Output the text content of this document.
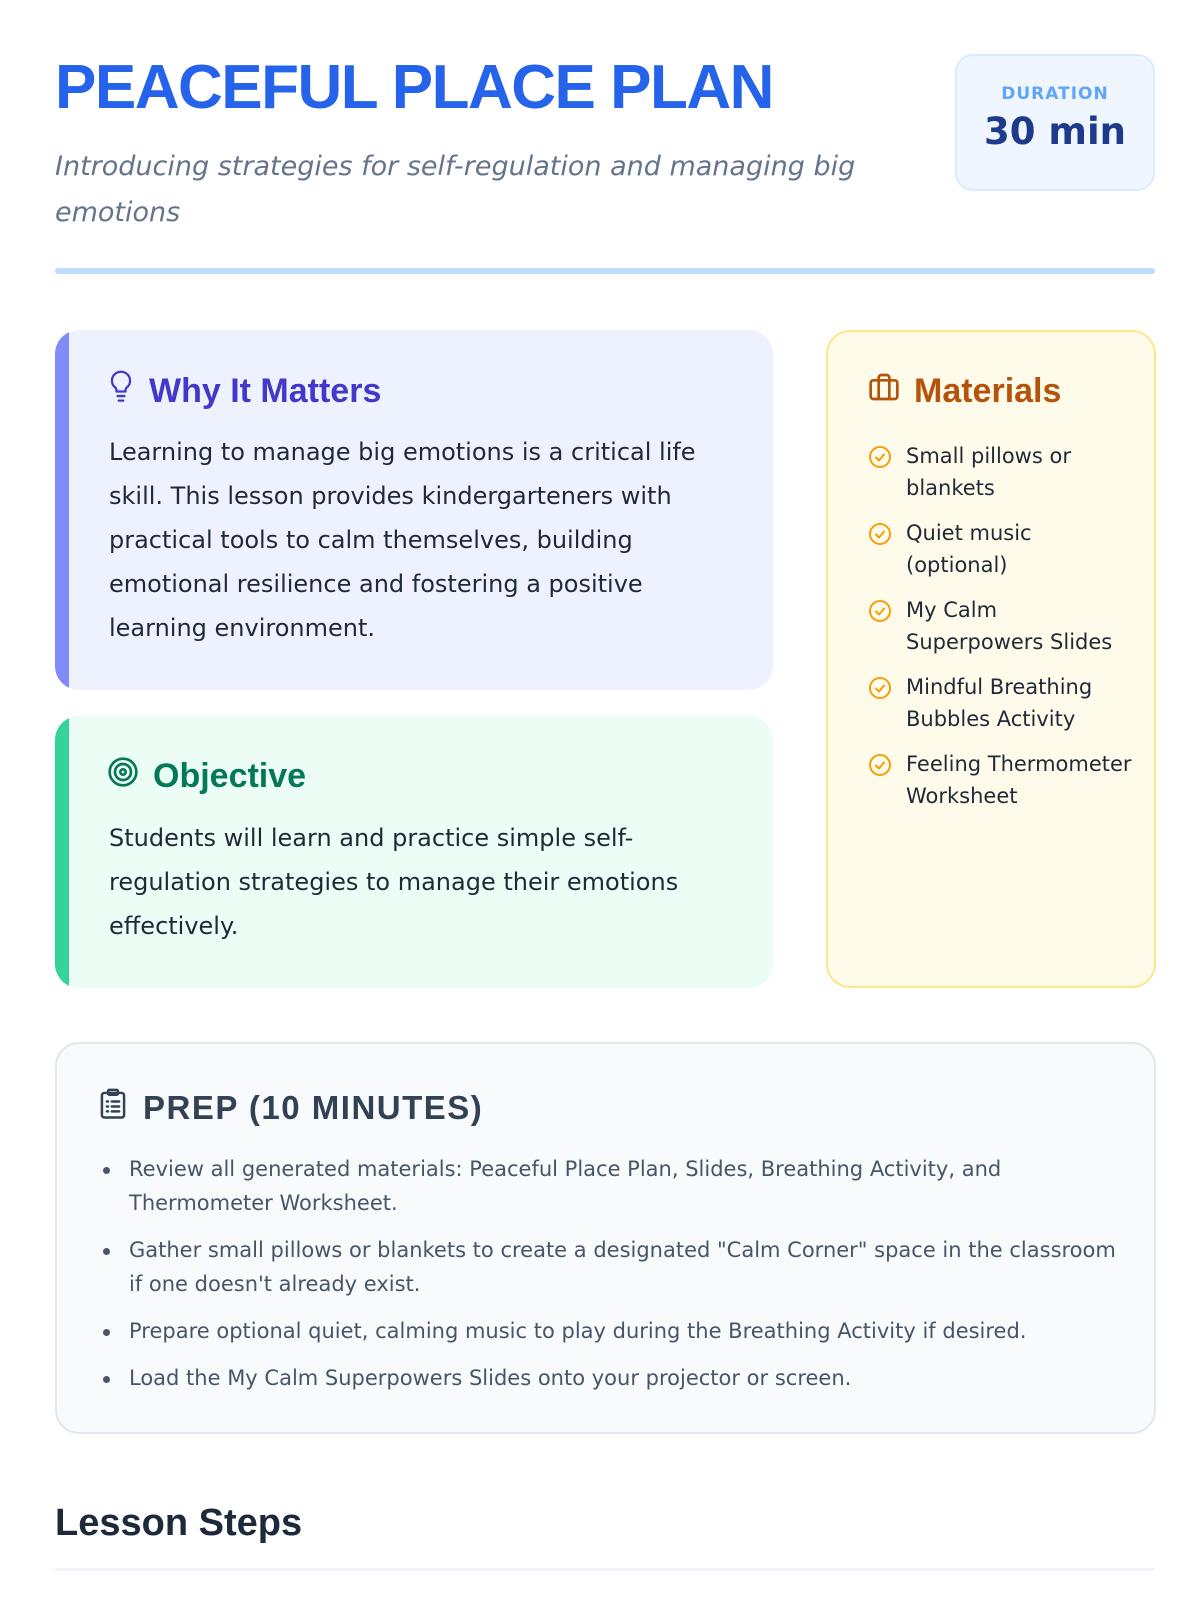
PEACEFUL PLACE PLAN

Introducing strategies for self-regulation and managing big emotions

DURATION
30 min
Why It Matters

Learning to manage big emotions is a critical life skill. This lesson provides kindergarteners with practical tools to calm themselves, building emotional resilience and fostering a positive learning environment.

Objective

Students will learn and practice simple self-regulation strategies to manage their emotions effectively.

Materials
Small pillows or blankets
Quiet music (optional)
My Calm Superpowers Slides
Mindful Breathing Bubbles Activity
Feeling Thermometer Worksheet
PREP (10 MINUTES)
Review all generated materials: Peaceful Place Plan, Slides, Breathing Activity, and Thermometer Worksheet.
Gather small pillows or blankets to create a designated "Calm Corner" space in the classroom if one doesn't already exist.
Prepare optional quiet, calming music to play during the Breathing Activity if desired.
Load the My Calm Superpowers Slides onto your projector or screen.
Lesson Steps
